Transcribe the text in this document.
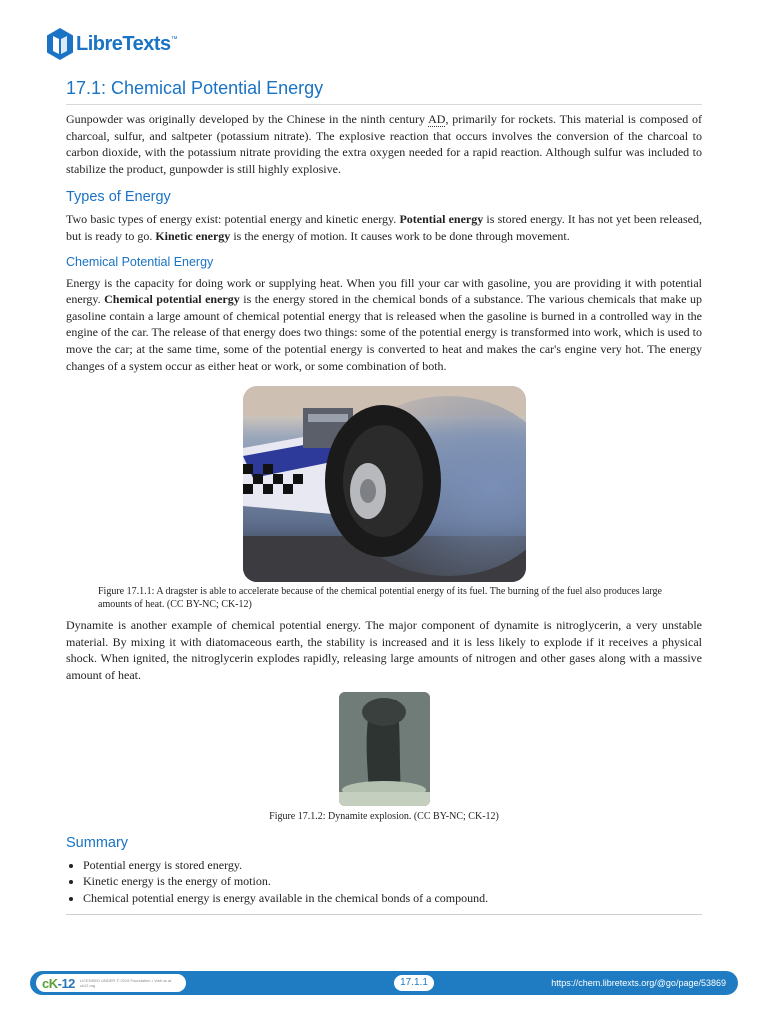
LibreTexts ™
17.1: Chemical Potential Energy

Gunpowder was originally developed by the Chinese in the ninth century AD, primarily for rockets. This material is composed of charcoal, sulfur, and saltpeter (potassium nitrate). The explosive reaction that occurs involves the conversion of the charcoal to carbon dioxide, with the potassium nitrate providing the extra oxygen needed for a rapid reaction. Although sulfur was included to stabilize the product, gunpowder is still highly explosive.

Types of Energy

Two basic types of energy exist: potential energy and kinetic energy. Potential energy is stored energy. It has not yet been released, but is ready to go. Kinetic energy is the energy of motion. It causes work to be done through movement.

Chemical Potential Energy

Energy is the capacity for doing work or supplying heat. When you fill your car with gasoline, you are providing it with potential energy. Chemical potential energy is the energy stored in the chemical bonds of a substance. The various chemicals that make up gasoline contain a large amount of chemical potential energy that is released when the gasoline is burned in a controlled way in the engine of the car. The release of that energy does two things: some of the potential energy is transformed into work, which is used to move the car; at the same time, some of the potential energy is converted to heat and makes the car's engine very hot. The energy changes of a system occur as either heat or work, or some combination of both.

Figure 17.1.1: A dragster is able to accelerate because of the chemical potential energy of its fuel. The burning of the fuel also produces large amounts of heat. (CC BY-NC; CK-12)

Dynamite is another example of chemical potential energy. The major component of dynamite is nitroglycerin, a very unstable material. By mixing it with diatomaceous earth, the stability is increased and it is less likely to explode if it receives a physical shock. When ignited, the nitroglycerin explodes rapidly, releasing large amounts of nitrogen and other gases along with a massive amount of heat.

Figure 17.1.2: Dynamite explosion. (CC BY-NC; CK-12)
Summary
• Potential energy is stored energy.
• Kinetic energy is the energy of motion.
• Chemical potential energy is energy available in the chemical bonds of a compound.
cK-12 LICENSED UNDER © 2019 Foundation • Visit us at ck12.org	17.1.1	https://chem.libretexts.org/@go/page/53869
